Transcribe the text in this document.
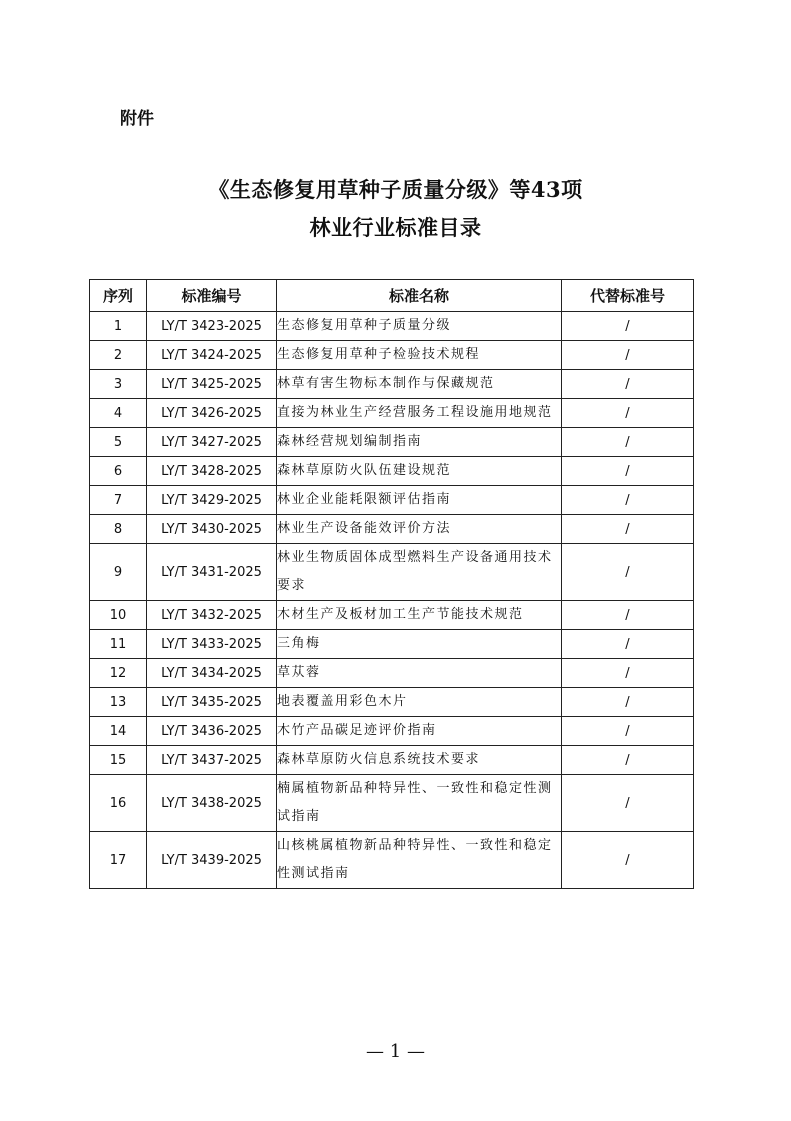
附件
《生态修复用草种子质量分级》等43项
林业行业标准目录
序列	标准编号	标准名称	代替标准号
1	LY/T 3423-2025	生态修复用草种子质量分级	/
2	LY/T 3424-2025	生态修复用草种子检验技术规程	/
3	LY/T 3425-2025	林草有害生物标本制作与保藏规范	/
4	LY/T 3426-2025	直接为林业生产经营服务工程设施用地规范	/
5	LY/T 3427-2025	森林经营规划编制指南	/
6	LY/T 3428-2025	森林草原防火队伍建设规范	/
7	LY/T 3429-2025	林业企业能耗限额评估指南	/
8	LY/T 3430-2025	林业生产设备能效评价方法	/
9	LY/T 3431-2025	林业生物质固体成型燃料生产设备通用技术要求	/
10	LY/T 3432-2025	木材生产及板材加工生产节能技术规范	/
11	LY/T 3433-2025	三角梅	/
12	LY/T 3434-2025	草苁蓉	/
13	LY/T 3435-2025	地表覆盖用彩色木片	/
14	LY/T 3436-2025	木竹产品碳足迹评价指南	/
15	LY/T 3437-2025	森林草原防火信息系统技术要求	/
16	LY/T 3438-2025	楠属植物新品种特异性、一致性和稳定性测试指南	/
17	LY/T 3439-2025	山核桃属植物新品种特异性、一致性和稳定性测试指南	/
— 1 —
